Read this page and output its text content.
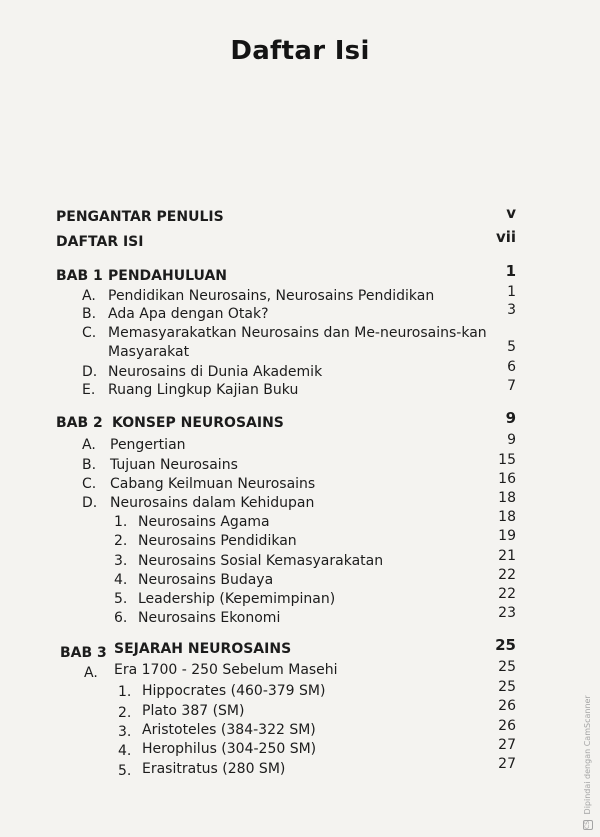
Daftar Isi
PENGANTAR PENULIS	v
DAFTAR ISI	vii
BAB 1 PENDAHULUAN	1
A. Pendidikan Neurosains, Neurosains Pendidikan	1
B. Ada Apa dengan Otak?	3
C. Memasyarakatkan Neurosains dan Me-neurosains-kan
Masyarakat	5
D. Neurosains di Dunia Akademik	6
E. Ruang Lingkup Kajian Buku	7
BAB 2 KONSEP NEUROSAINS	9
A. Pengertian	9
B. Tujuan Neurosains	15
C. Cabang Keilmuan Neurosains	16
D. Neurosains dalam Kehidupan	18
1. Neurosains Agama	18
2. Neurosains Pendidikan	19
3. Neurosains Sosial Kemasyarakatan	21
4. Neurosains Budaya	22
5. Leadership (Kepemimpinan)	22
6. Neurosains Ekonomi	23
BAB 3 SEJARAH NEUROSAINS	25
A. Era 1700 - 250 Sebelum Masehi	25
1. Hippocrates (460-379 SM)	25
2. Plato 387 (SM)	26
3. Aristoteles (384-322 SM)	26
4. Herophilus (304-250 SM)	27
5. Erasitratus (280 SM)	27
CS Dipindai dengan CamScanner
